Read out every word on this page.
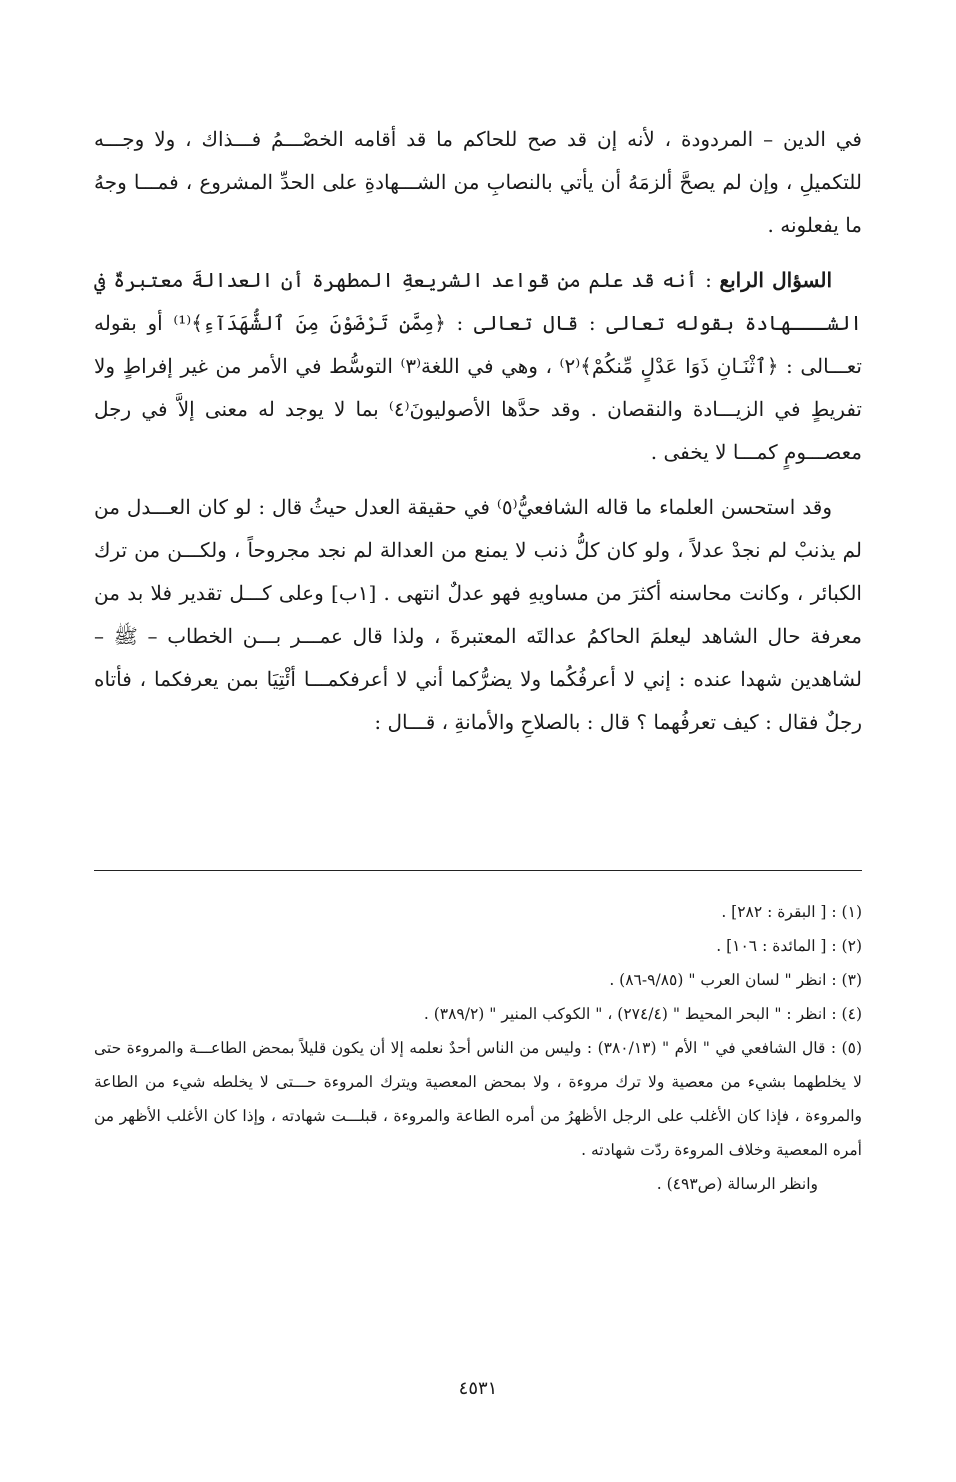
في الدين – المردودة ، لأنه إن قد صح للحاكم ما قد أقامه الخصْـــمُ فـــذاك ، ولا وجـــه للتكميلِ ، وإن لم يصحَّ ألزمَهُ أن يأتي بالنصابِ من الشـــهادةِ على الحدِّ المشروع ، فمـــا وجهُ ما يفعلونه .

السؤال الرابع : أنه قد علم من قواعد الشريعةِ المطهرة أن العدالةَ معتبرةٌ في الشـــهادة بقوله تعالى : قال تعالى : ﴿مِمَّن تَرْضَوْنَ مِنَ ٱلشُّهَدَآءِ﴾⁽¹⁾ أو بقوله تعـــالى : ﴿ٱثْنَـانِ ذَوَا عَدْلٍ مِّنكُمْ﴾⁽٢⁾ ، وهي في اللغة⁽٣⁾ التوسُّط في الأمر من غير إفراطٍ ولا تفريطٍ في الزيـــادة والنقصان . وقد حدَّها الأصوليونَ⁽٤⁾ بما لا يوجد له معنى إلاَّ في رجل معصـــومٍ كمـــا لا يخفى .

وقد استحسن العلماء ما قاله الشافعيُّ⁽٥⁾ في حقيقة العدل حيثُ قال : لو كان العـــدل من لم يذنبْ لم نجدْ عدلاً ، ولو كان كلُّ ذنب لا يمنع من العدالة لم نجد مجروحاً ، ولكـــن من ترك الكبائر ، وكانت محاسنه أكثرَ من مساويهِ فهو عدلٌ انتهى . [١ب] وعلى كـــل تقدير فلا بد من معرفة حال الشاهد ليعلمَ الحاكمُ عدالتَه المعتبرةَ ، ولذا قال عمـــر بـــن الخطاب – ﷺ – لشاهدين شهدا عنده : إني لا أعرفُكُما ولا يضرُّكما أني لا أعرفكمـــا أئْتِيَا بمن يعرفكما ، فأتاه رجلٌ فقال : كيف تعرفُهما ؟ قال : بالصلاحِ والأمانةِ ، قـــال :

(١) : [ البقرة : ٢٨٢] .

(٢) : [ المائدة : ١٠٦] .

(٣) : انظر " لسان العرب " (٩/٨٥-٨٦) .

(٤) : انظر : " البحر المحيط " (٢٧٤/٤) ، " الكوكب المنير " (٣٨٩/٢) .

(٥) : قال الشافعي في " الأم " (٣٨٠/١٣) : وليس من الناس أحدٌ نعلمه إلا أن يكون قليلاً بمحض الطاعـــة والمروءة حتى لا يخلطهما بشيء من معصية ولا ترك مروءة ، ولا بمحض المعصية ويترك المروءة حـــتى لا يخلطه شيء من الطاعة والمروءة ، فإذا كان الأغلب على الرجل الأظهرُ من أمره الطاعة والمروءة ، قبلـــت شهادته ، وإذا كان الأغلب الأظهر من أمره المعصية وخلاف المروءة ردّت شهادته .

وانظر الرسالة (ص٤٩٣) .

٤٥٣١
